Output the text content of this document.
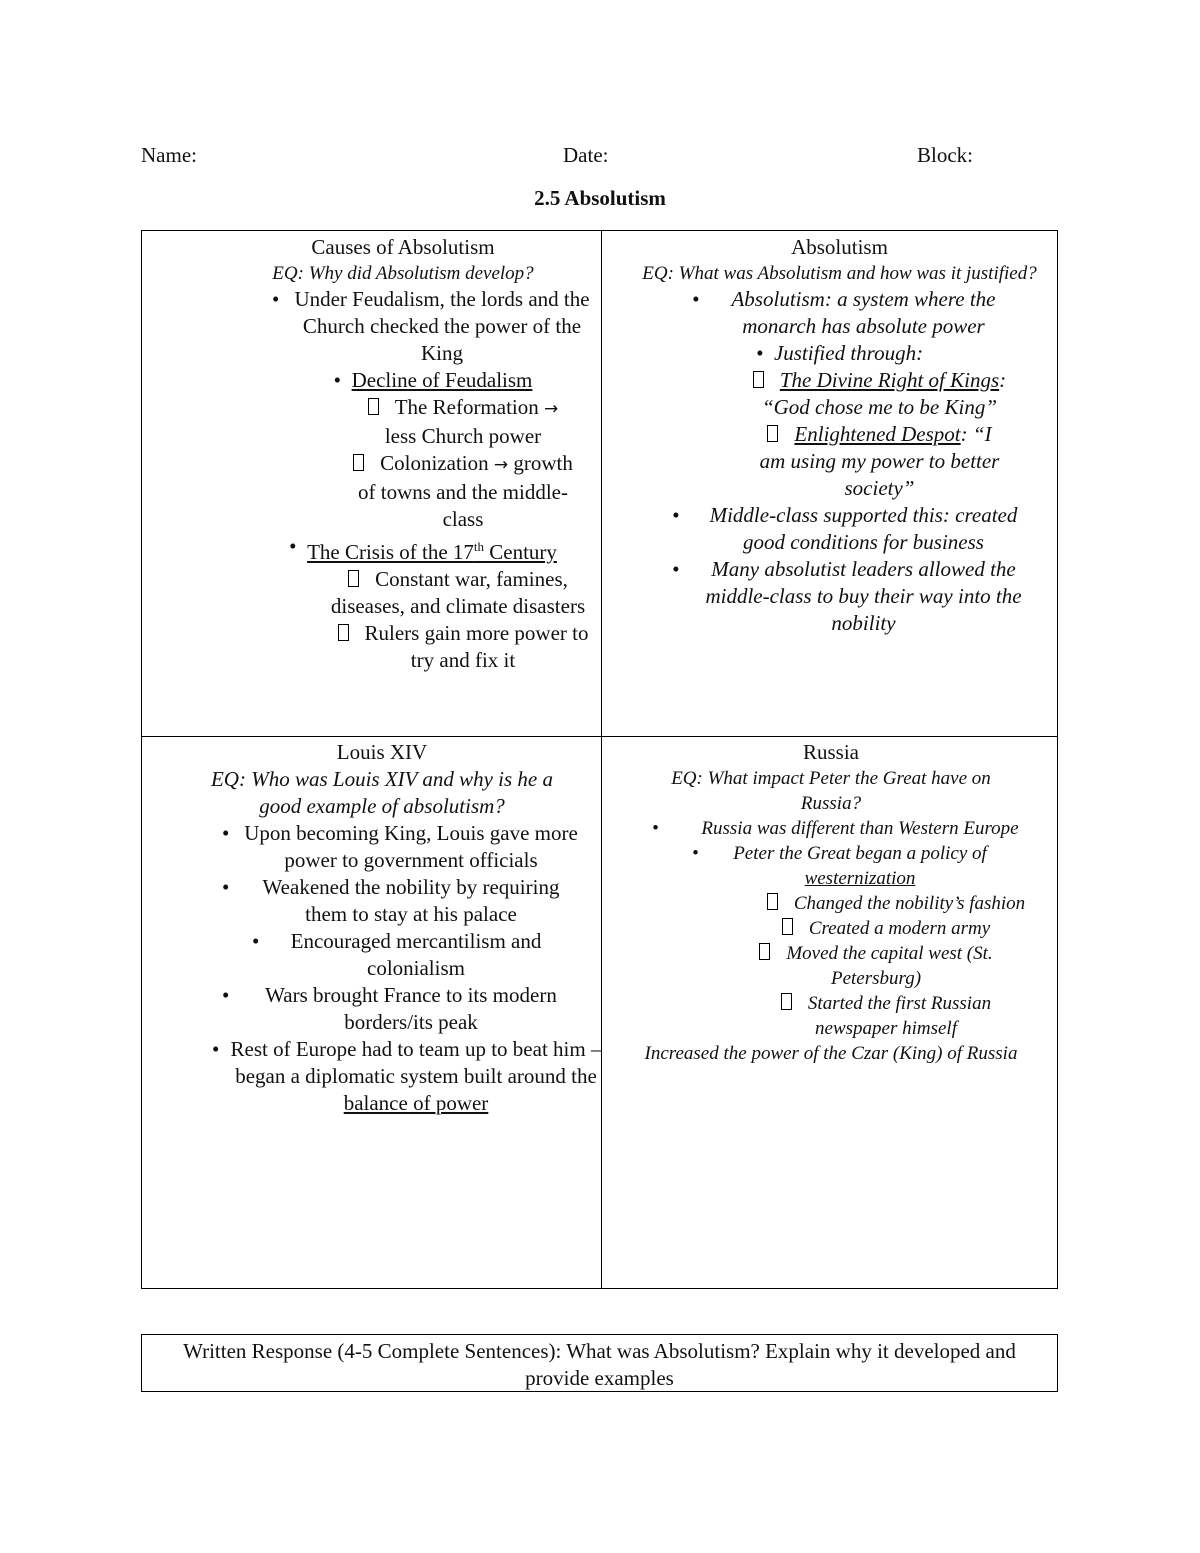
Name:	Date:	Block:
2.5 Absolutism
Causes of Absolutism
EQ: Why did Absolutism develop?
• Under Feudalism, the lords and the Church checked the power of the King
• Decline of Feudalism
The Reformation → less Church power
Colonization → growth of towns and the middle-class
• The Crisis of the 17th Century
Constant war, famines, diseases, and climate disasters
Rulers gain more power to try and fix it
Absolutism
EQ: What was Absolutism and how was it justified?
• Absolutism: a system where the monarch has absolute power
• Justified through:
The Divine Right of Kings: “God chose me to be King”
Enlightened Despot: “I am using my power to better society”
• Middle-class supported this: created good conditions for business
• Many absolutist leaders allowed the middle-class to buy their way into the nobility
Louis XIV
EQ: Who was Louis XIV and why is he a good example of absolutism?
• Upon becoming King, Louis gave more power to government officials
• Weakened the nobility by requiring them to stay at his palace
• Encouraged mercantilism and colonialism
• Wars brought France to its modern borders/its peak
• Rest of Europe had to team up to beat him – began a diplomatic system built around the balance of power
Russia
EQ: What impact Peter the Great have on Russia?
• Russia was different than Western Europe
• Peter the Great began a policy of westernization
Changed the nobility’s fashion
Created a modern army
Moved the capital west (St. Petersburg)
Started the first Russian newspaper himself
Increased the power of the Czar (King) of Russia
Written Response (4-5 Complete Sentences): What was Absolutism? Explain why it developed and provide examples
